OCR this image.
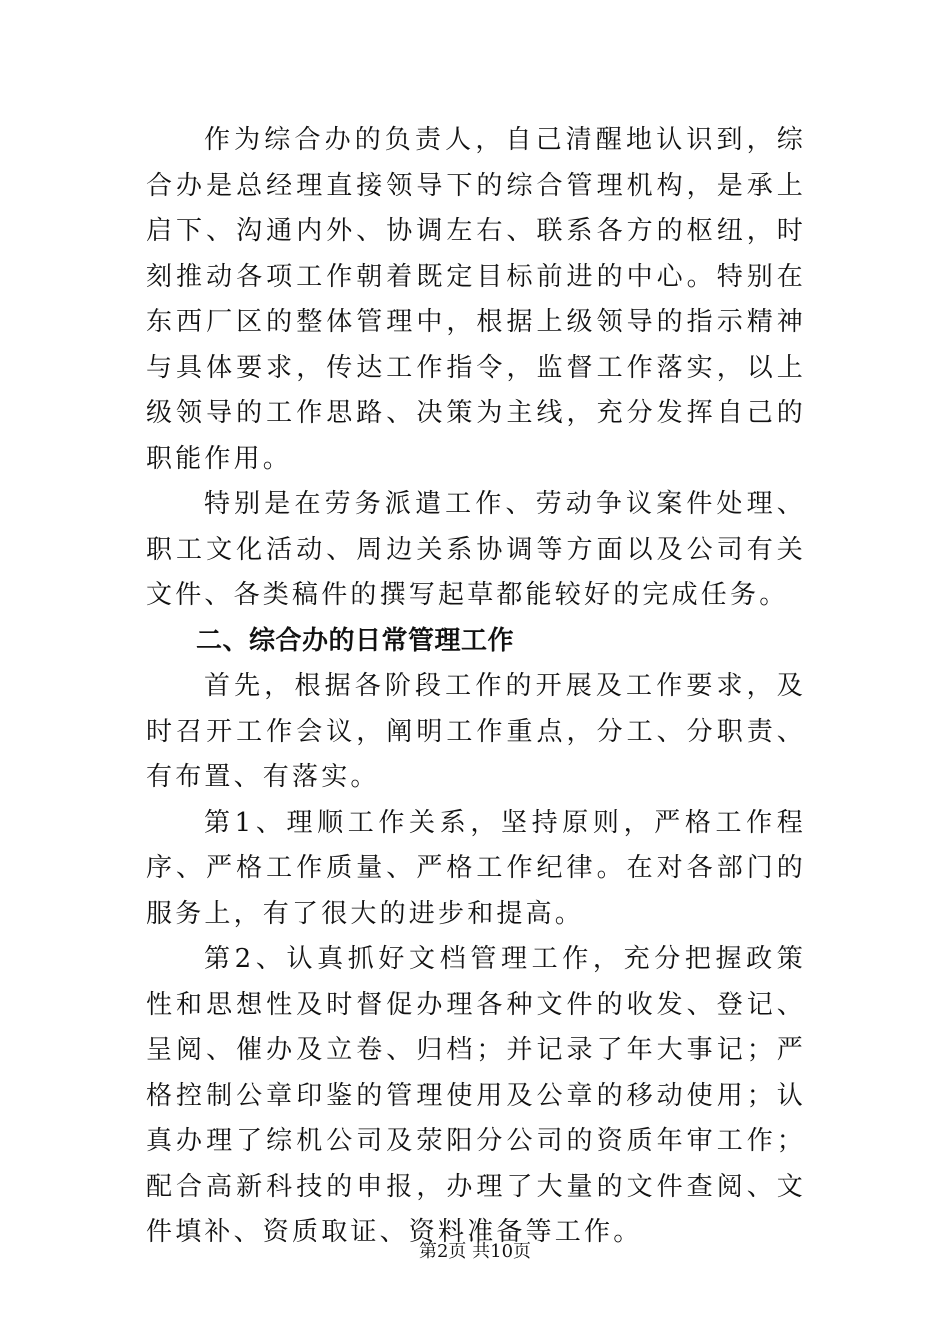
作为综合办的负责人，自己清醒地认识到，综合办是总经理直接领导下的综合管理机构，是承上启下、沟通内外、协调左右、联系各方的枢纽，时刻推动各项工作朝着既定目标前进的中心。特别在东西厂区的整体管理中，根据上级领导的指示精神与具体要求，传达工作指令，监督工作落实，以上级领导的工作思路、决策为主线，充分发挥自己的职能作用。

特别是在劳务派遣工作、劳动争议案件处理、职工文化活动、周边关系协调等方面以及公司有关文件、各类稿件的撰写起草都能较好的完成任务。

二、综合办的日常管理工作

首先，根据各阶段工作的开展及工作要求，及时召开工作会议，阐明工作重点，分工、分职责、有布置、有落实。

第1、理顺工作关系，坚持原则，严格工作程序、严格工作质量、严格工作纪律。在对各部门的服务上，有了很大的进步和提高。

第2、认真抓好文档管理工作，充分把握政策性和思想性及时督促办理各种文件的收发、登记、呈阅、催办及立卷、归档；并记录了年大事记；严格控制公章印鉴的管理使用及公章的移动使用；认真办理了综机公司及荥阳分公司的资质年审工作；配合高新科技的申报，办理了大量的文件查阅、文件填补、资质取证、资料准备等工作。

第2页 共10页
